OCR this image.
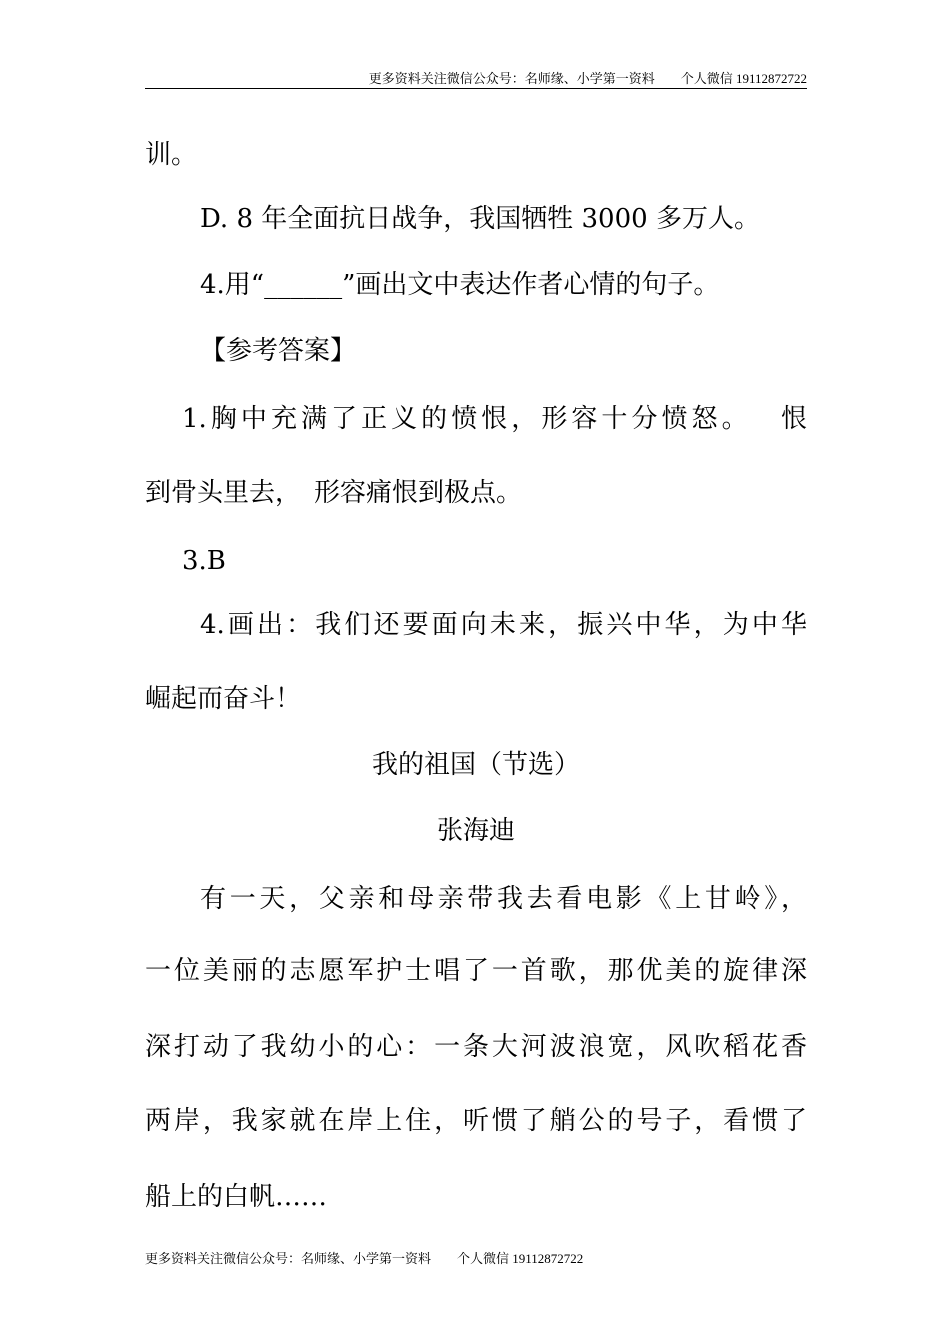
更多资料关注微信公众号：名师缘、小学第一资料　　个人微信 19112872722
训。
D. 8 年全面抗日战争，我国牺牲 3000 多万人。
4.用“______”画出文中表达作者心情的句子。
【参考答案】
1.胸中充满了正义的愤恨，形容十分愤怒。　 恨
到骨头里去，　形容痛恨到极点。
3.B
4.画出：我们还要面向未来，振兴中华，为中华
崛起而奋斗！
我的祖国（节选）
张海迪
有一天，父亲和母亲带我去看电影《上甘岭》，
一位美丽的志愿军护士唱了一首歌，那优美的旋律深
深打动了我幼小的心：一条大河波浪宽，风吹稻花香
两岸，我家就在岸上住，听惯了艄公的号子，看惯了
船上的白帆……
更多资料关注微信公众号：名师缘、小学第一资料　　个人微信 19112872722
